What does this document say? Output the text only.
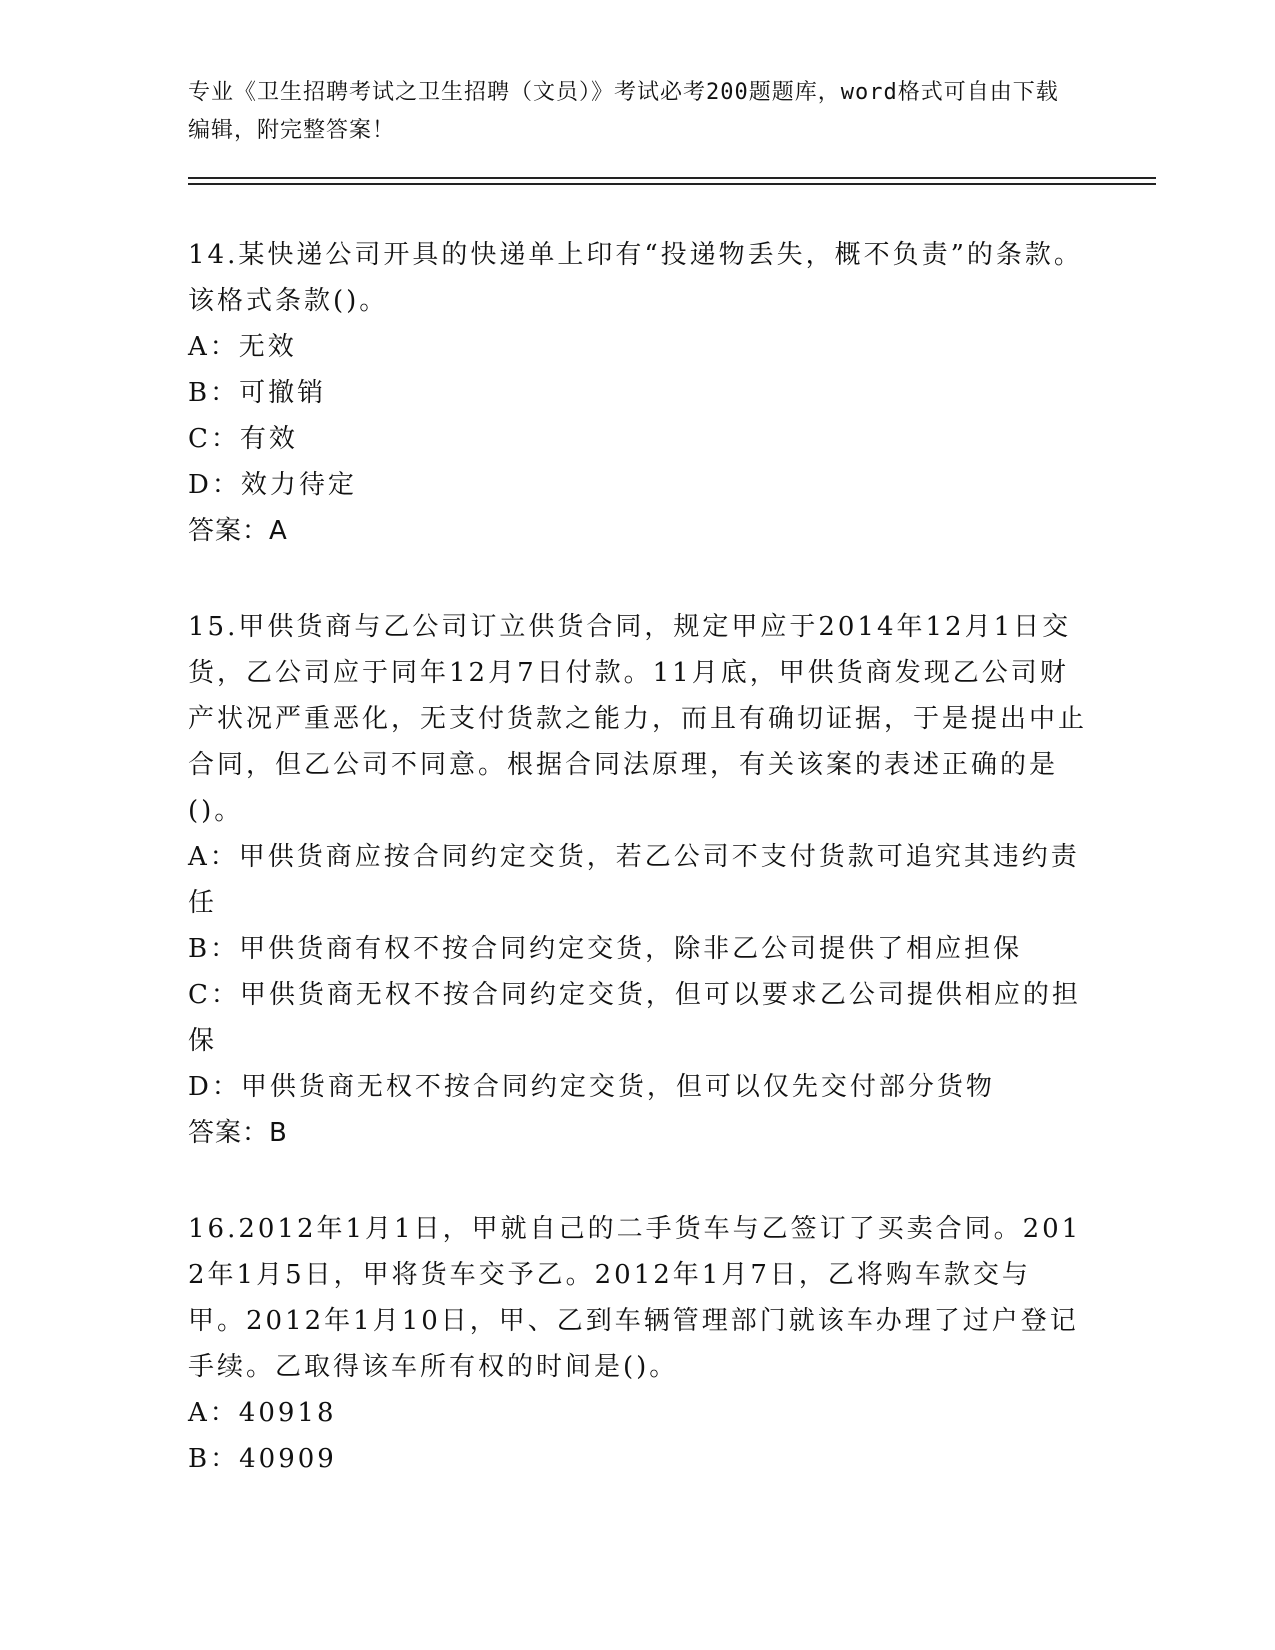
专业《卫生招聘考试之卫生招聘（文员）》考试必考200题题库，word格式可自由下载编辑，附完整答案！

14.某快递公司开具的快递单上印有“投递物丢失，概不负责”的条款。该格式条款()。

A：无效

B：可撤销

C：有效

D：效力待定

答案：A

15.甲供货商与乙公司订立供货合同，规定甲应于2014年12月1日交货，乙公司应于同年12月7日付款。11月底，甲供货商发现乙公司财产状况严重恶化，无支付货款之能力，而且有确切证据，于是提出中止合同，但乙公司不同意。根据合同法原理，有关该案的表述正确的是()。

A：甲供货商应按合同约定交货，若乙公司不支付货款可追究其违约责任

B：甲供货商有权不按合同约定交货，除非乙公司提供了相应担保

C：甲供货商无权不按合同约定交货，但可以要求乙公司提供相应的担保

D：甲供货商无权不按合同约定交货，但可以仅先交付部分货物

答案：B

16.2012年1月1日，甲就自己的二手货车与乙签订了买卖合同。2012年1月5日，甲将货车交予乙。2012年1月7日，乙将购车款交与甲。2012年1月10日，甲、乙到车辆管理部门就该车办理了过户登记手续。乙取得该车所有权的时间是()。

A：40918

B：40909
